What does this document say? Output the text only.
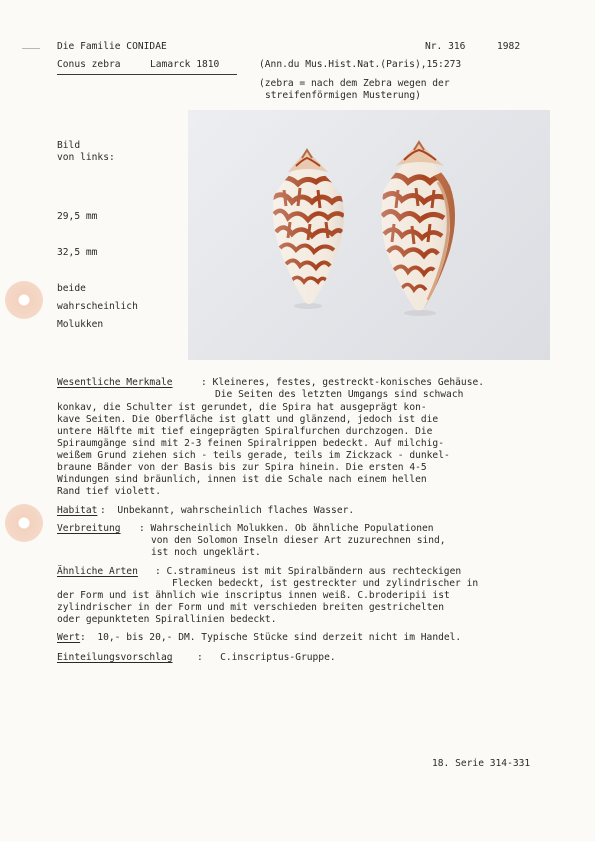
Die Familie CONIDAE	Nr. 316	1982
Conus zebra	Lamarck 1810	(Ann.du Mus.Hist.Nat.(Paris),15:273
(zebra = nach dem Zebra wegen der
streifenförmigen Musterung)
Bild
von links:
29,5 mm
32,5 mm
beide
wahrscheinlich
Molukken
Wesentliche Merkmale	: Kleineres, festes, gestreckt-konisches Gehäuse.
Die Seiten des letzten Umgangs sind schwach
konkav, die Schulter ist gerundet, die Spira hat ausgeprägt kon-
kave Seiten. Die Oberfläche ist glatt und glänzend, jedoch ist die
untere Hälfte mit tief eingeprägten Spiralfurchen durchzogen. Die
Spiraumgänge sind mit 2-3 feinen Spiralrippen bedeckt. Auf milchig-
weißem Grund ziehen sich - teils gerade, teils im Zickzack - dunkel-
braune Bänder von der Basis bis zur Spira hinein. Die ersten 4-5
Windungen sind bräunlich, innen ist die Schale nach einem hellen
Rand tief violett.
Habitat :  Unbekannt, wahrscheinlich flaches Wasser.
Verbreitung : Wahrscheinlich Molukken. Ob ähnliche Populationen
von den Solomon Inseln dieser Art zuzurechnen sind,
ist noch ungeklärt.
Ähnliche Arten : C.stramineus ist mit Spiralbändern aus rechteckigen
Flecken bedeckt, ist gestreckter und zylindrischer in
der Form und ist ähnlich wie inscriptus innen weiß. C.broderipii ist
zylindrischer in der Form und mit verschieden breiten gestrichelten
oder gepunkteten Spirallinien bedeckt.
Wert :  10,- bis 20,- DM. Typische Stücke sind derzeit nicht im Handel.
Einteilungsvorschlag	:   C.inscriptus-Gruppe.
18. Serie 314-331
